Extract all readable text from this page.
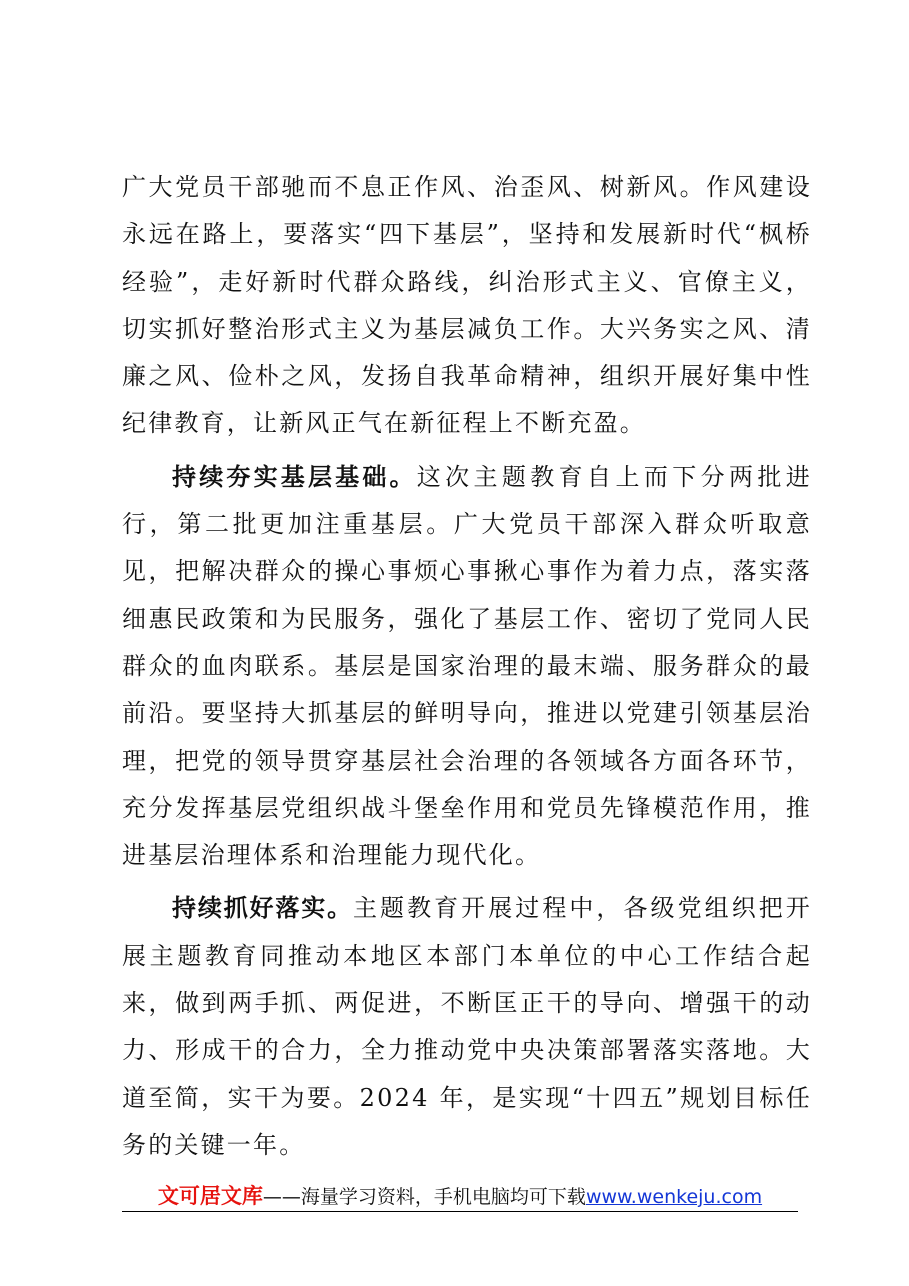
广大党员干部驰而不息正作风、治歪风、树新风。作风建设永远在路上，要落实“四下基层”，坚持和发展新时代“枫桥经验”，走好新时代群众路线，纠治形式主义、官僚主义，切实抓好整治形式主义为基层减负工作。大兴务实之风、清廉之风、俭朴之风，发扬自我革命精神，组织开展好集中性纪律教育，让新风正气在新征程上不断充盈。

持续夯实基层基础。这次主题教育自上而下分两批进行，第二批更加注重基层。广大党员干部深入群众听取意见，把解决群众的操心事烦心事揪心事作为着力点，落实落细惠民政策和为民服务，强化了基层工作、密切了党同人民群众的血肉联系。基层是国家治理的最末端、服务群众的最前沿。要坚持大抓基层的鲜明导向，推进以党建引领基层治理，把党的领导贯穿基层社会治理的各领域各方面各环节，充分发挥基层党组织战斗堡垒作用和党员先锋模范作用，推进基层治理体系和治理能力现代化。

持续抓好落实。主题教育开展过程中，各级党组织把开展主题教育同推动本地区本部门本单位的中心工作结合起来，做到两手抓、两促进，不断匡正干的导向、增强干的动力、形成干的合力，全力推动党中央决策部署落实落地。大道至简，实干为要。2024 年，是实现“十四五”规划目标任务的关键一年。

文可居文库——海量学习资料，手机电脑均可下载www.wenkeju.com
